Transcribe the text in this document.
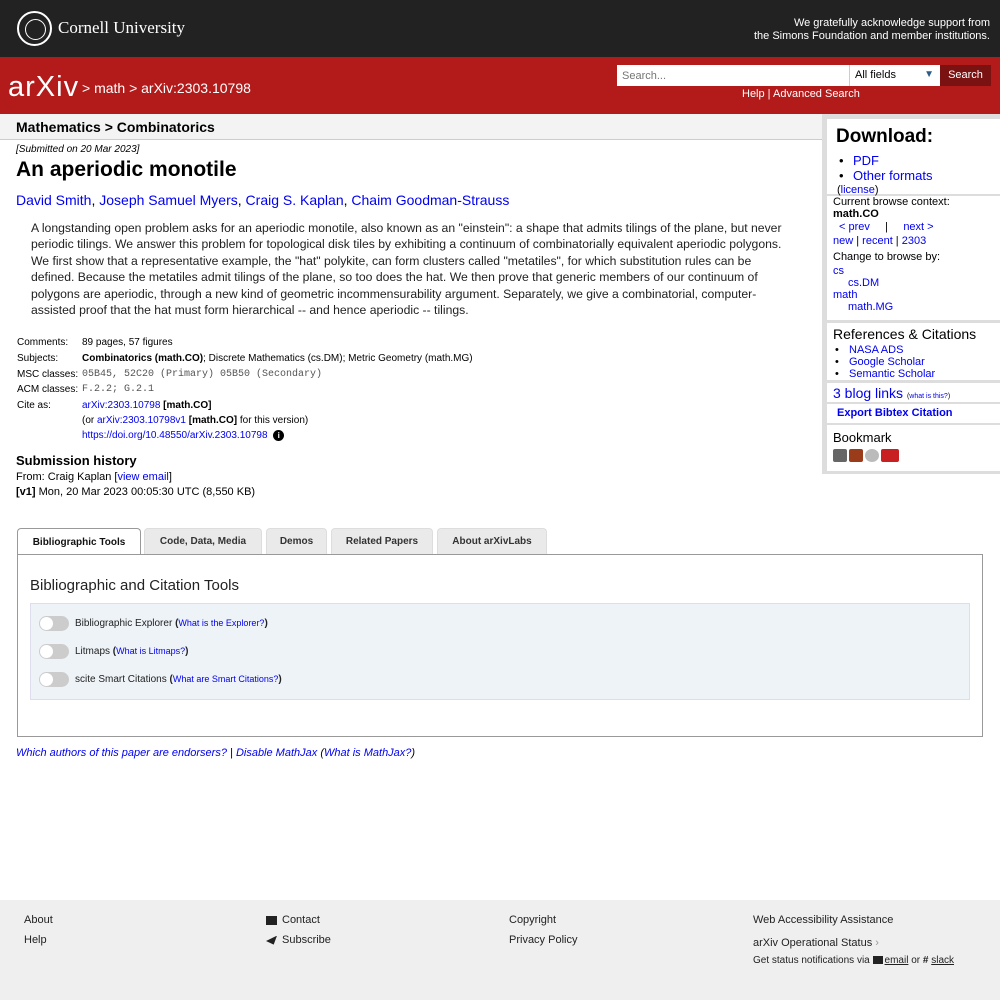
Cornell University	We gratefully acknowledge support from
the Simons Foundation and member institutions.
arXiv > math > arXiv:2303.10798
Search...
All fields	▼	Search
Help | Advanced Search
Mathematics > Combinatorics
[Submitted on 20 Mar 2023]
An aperiodic monotile
David Smith, Joseph Samuel Myers, Craig S. Kaplan, Chaim Goodman-Strauss
A longstanding open problem asks for an aperiodic monotile, also known as an "einstein": a shape that admits tilings of the plane, but never periodic tilings. We answer this problem for topological disk tiles by exhibiting a continuum of combinatorially equivalent aperiodic polygons. We first show that a representative example, the "hat" polykite, can form clusters called "metatiles", for which substitution rules can be defined. Because the metatiles admit tilings of the plane, so too does the hat. We then prove that generic members of our continuum of polygons are aperiodic, through a new kind of geometric incommensurability argument. Separately, we give a combinatorial, computer-assisted proof that the hat must form hierarchical -- and hence aperiodic -- tilings.
Comments:	89 pages, 57 figures
Subjects:	Combinatorics (math.CO); Discrete Mathematics (cs.DM); Metric Geometry (math.MG)
MSC classes: 05B45, 52C20 (Primary) 05B50 (Secondary)
ACM classes: F.2.2; G.2.1
Cite as:	arXiv:2303.10798 [math.CO]
(or arXiv:2303.10798v1 [math.CO] for this version)
https://doi.org/10.48550/arXiv.2303.10798 i
Submission history
From: Craig Kaplan [view email]
[v1] Mon, 20 Mar 2023 00:05:30 UTC (8,550 KB)
Bibliographic Tools	Code, Data, Media	Demos	Related Papers	About arXivLabs
Bibliographic and Citation Tools
Bibliographic Explorer (What is the Explorer?)
Litmaps (What is Litmaps?)
scite Smart Citations (What are Smart Citations?)
Which authors of this paper are endorsers? | Disable MathJax (What is MathJax?)
Download:
• PDF
• Other formats
(license)
Current browse context:
math.CO
< prev | next >
new | recent | 2303
Change to browse by:
cs
cs.DM
math
math.MG
References & Citations
• NASA ADS
• Google Scholar
• Semantic Scholar
3 blog links (what is this?)
Export Bibtex Citation
Bookmark
About
Help
Contact
Subscribe
Copyright
Privacy Policy
Web Accessibility Assistance
arXiv Operational Status ›
Get status notifications via email or # slack
